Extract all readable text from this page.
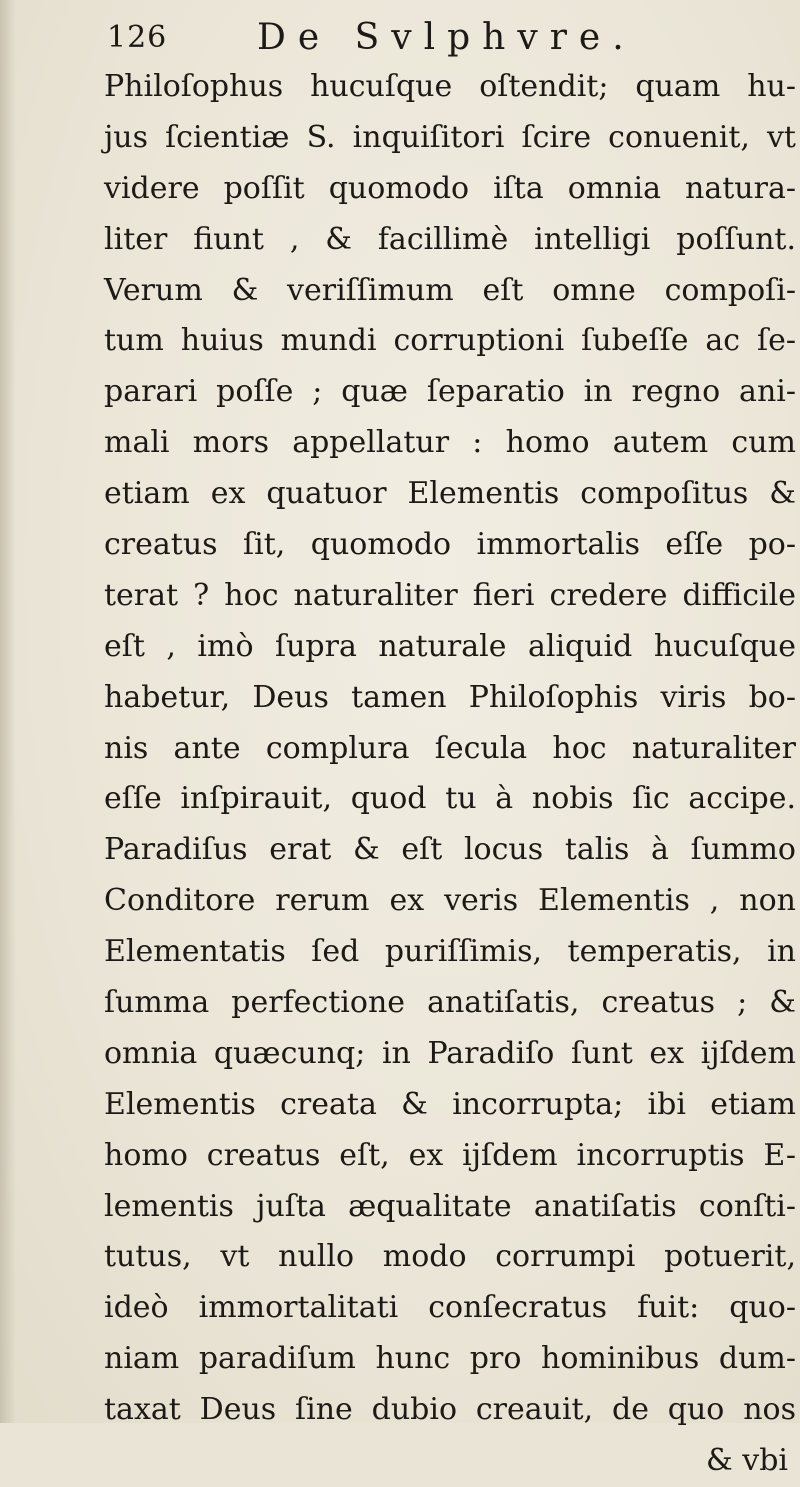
126 De Svlphvre.
Philoſophus hucuſque oſtendit; quam hu-
jus ſcientiæ S. inquiſitori ſcire conuenit, vt
videre poſſit quomodo iſta omnia natura-
liter fiunt , & facillimè intelligi poſſunt.
Verum & veriſſimum eſt omne compoſi-
tum huius mundi corruptioni ſubeſſe ac ſe-
parari poſſe ; quæ ſeparatio in regno ani-
mali mors appellatur : homo autem cum
etiam ex quatuor Elementis compoſitus &
creatus ſit, quomodo immortalis eſſe po-
terat ? hoc naturaliter fieri credere difficile
eſt , imò ſupra naturale aliquid hucuſque
habetur, Deus tamen Philoſophis viris bo-
nis ante complura ſecula hoc naturaliter
eſſe inſpirauit, quod tu à nobis ſic accipe.
Paradiſus erat & eſt locus talis à ſummo
Conditore rerum ex veris Elementis , non
Elementatis ſed puriſſimis, temperatis, in
ſumma perfectione anatiſatis, creatus ; &
omnia quæcunq; in Paradiſo ſunt ex ijſdem
Elementis creata & incorrupta; ibi etiam
homo creatus eſt, ex ijſdem incorruptis E-
lementis juſta æqualitate anatiſatis conſti-
tutus, vt nullo modo corrumpi potuerit,
ideò immortalitati conſecratus fuit: quo-
niam paradiſum hunc pro hominibus dum-
taxat Deus ſine dubio creauit, de quo nos
& vbi
